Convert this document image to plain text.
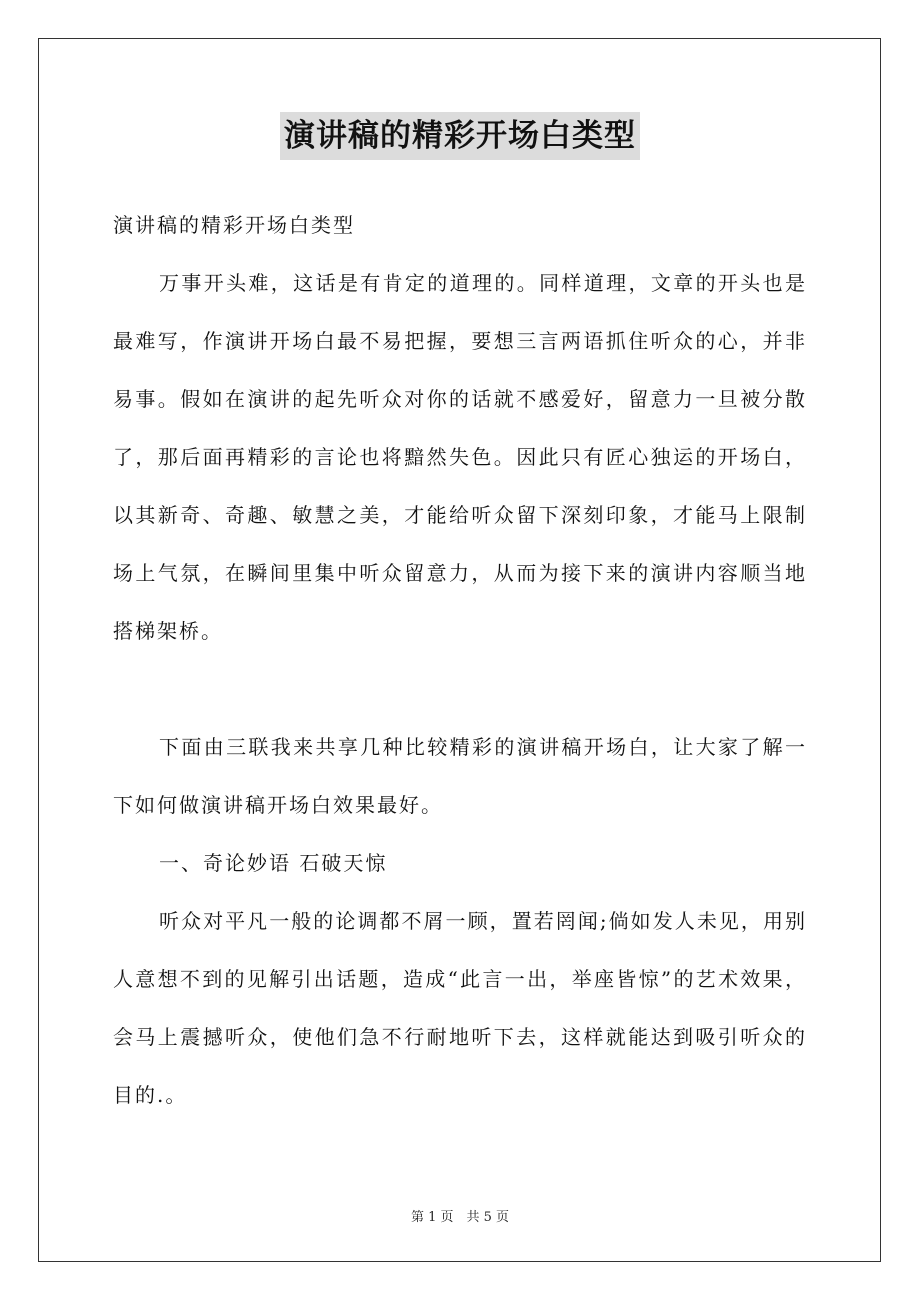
演讲稿的精彩开场白类型

演讲稿的精彩开场白类型

万事开头难，这话是有肯定的道理的。同样道理，文章的开头也是最难写，作演讲开场白最不易把握，要想三言两语抓住听众的心，并非易事。假如在演讲的起先听众对你的话就不感爱好，留意力一旦被分散了，那后面再精彩的言论也将黯然失色。因此只有匠心独运的开场白，以其新奇、奇趣、敏慧之美，才能给听众留下深刻印象，才能马上限制场上气氛，在瞬间里集中听众留意力，从而为接下来的演讲内容顺当地搭梯架桥。

下面由三联我来共享几种比较精彩的演讲稿开场白，让大家了解一下如何做演讲稿开场白效果最好。

一、奇论妙语 石破天惊

听众对平凡一般的论调都不屑一顾，置若罔闻;倘如发人未见，用别人意想不到的见解引出话题，造成“此言一出，举座皆惊”的艺术效果，会马上震撼听众，使他们急不行耐地听下去，这样就能达到吸引听众的目的.。

第 1 页　共 5 页
